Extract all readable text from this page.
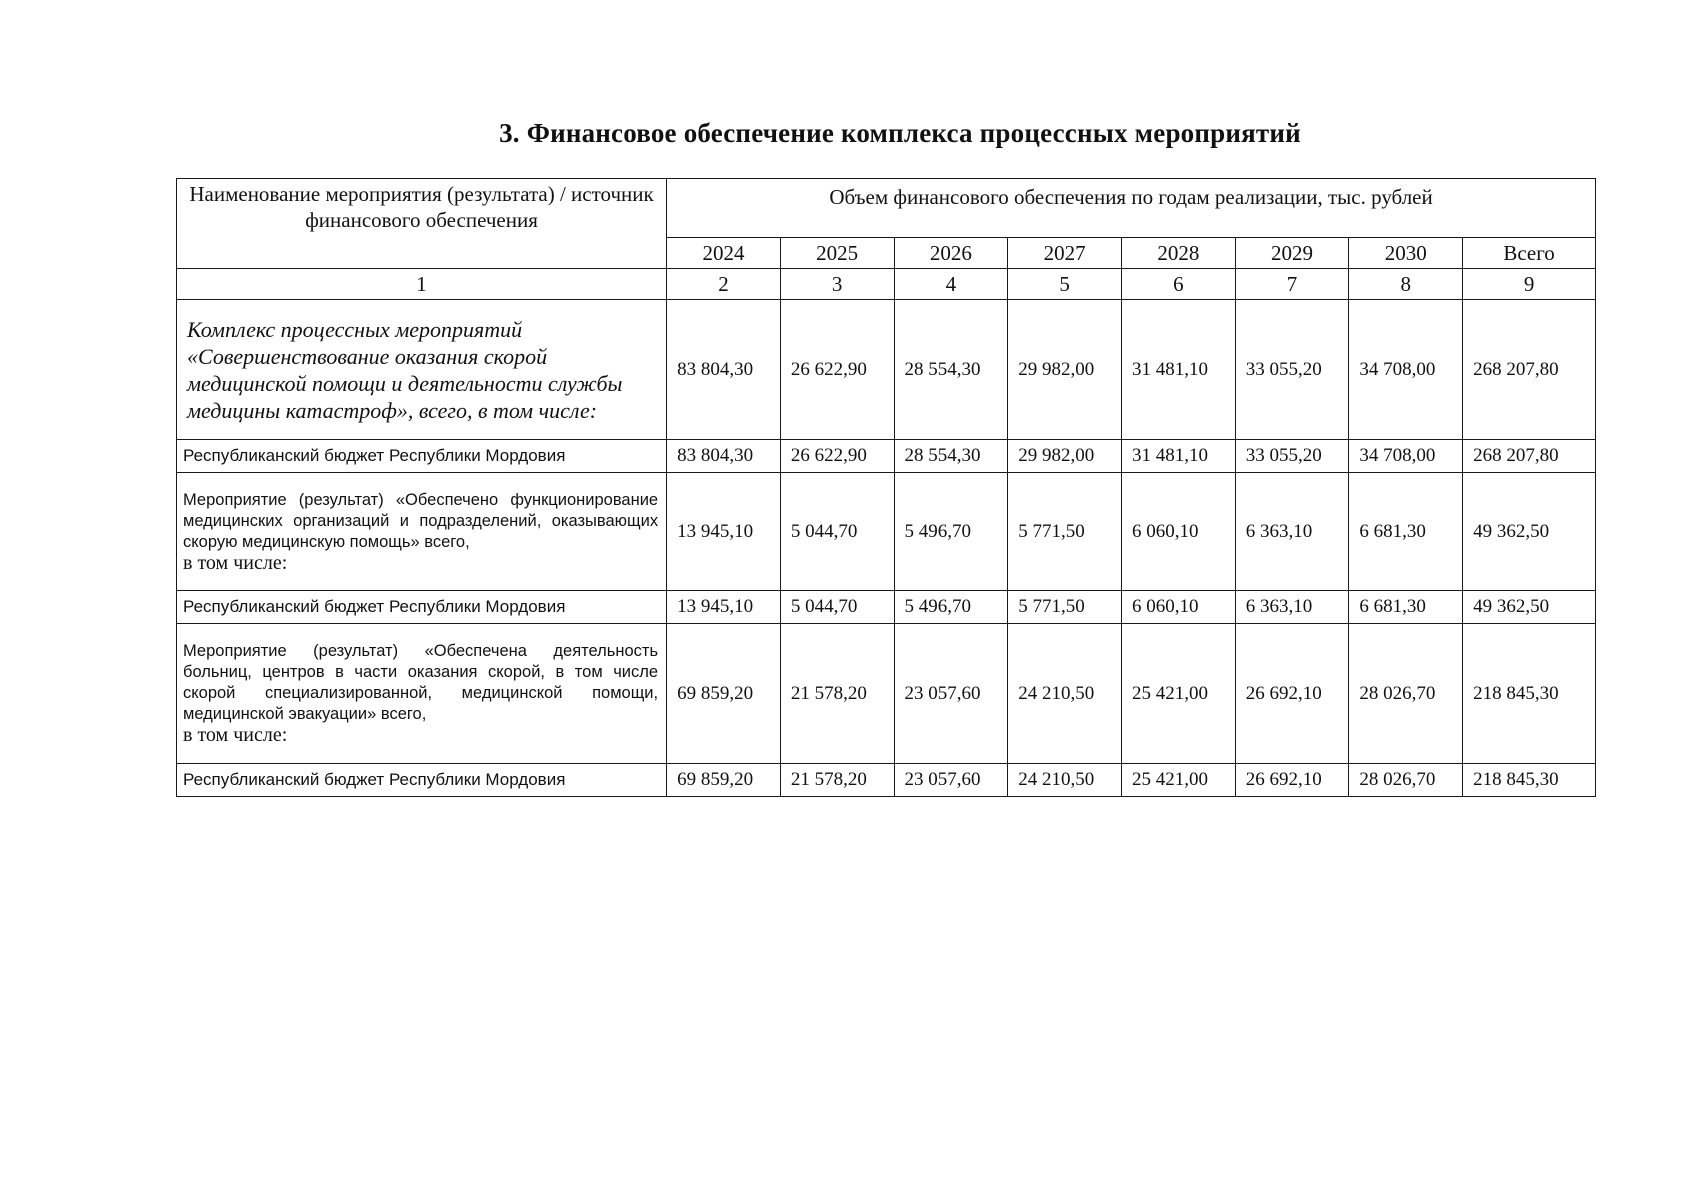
3. Финансовое обеспечение комплекса процессных мероприятий
Наименование мероприятия (результата) / источник финансового обеспечения	Объем финансового обеспечения по годам реализации, тыс. рублей							
	2024	2025	2026	2027	2028	2029	2030	Всего
1	2	3	4	5	6	7	8	9
Комплекс процессных мероприятий «Совершенствование оказания скорой медицинской помощи и деятельности службы медицины катастроф», всего, в том числе:	83 804,30	26 622,90	28 554,30	29 982,00	31 481,10	33 055,20	34 708,00	268 207,80
Республиканский бюджет Республики Мордовия	83 804,30	26 622,90	28 554,30	29 982,00	31 481,10	33 055,20	34 708,00	268 207,80
Мероприятие (результат) «Обеспечено функционирование медицинских организаций и подразделений, оказывающих скорую медицинскую помощь» всего,
в том числе:	13 945,10	5 044,70	5 496,70	5 771,50	6 060,10	6 363,10	6 681,30	49 362,50
Республиканский бюджет Республики Мордовия	13 945,10	5 044,70	5 496,70	5 771,50	6 060,10	6 363,10	6 681,30	49 362,50
Мероприятие (результат) «Обеспечена деятельность больниц, центров в части оказания скорой, в том числе скорой специализированной, медицинской помощи, медицинской эвакуации» всего,
в том числе:	69 859,20	21 578,20	23 057,60	24 210,50	25 421,00	26 692,10	28 026,70	218 845,30
Республиканский бюджет Республики Мордовия	69 859,20	21 578,20	23 057,60	24 210,50	25 421,00	26 692,10	28 026,70	218 845,30
